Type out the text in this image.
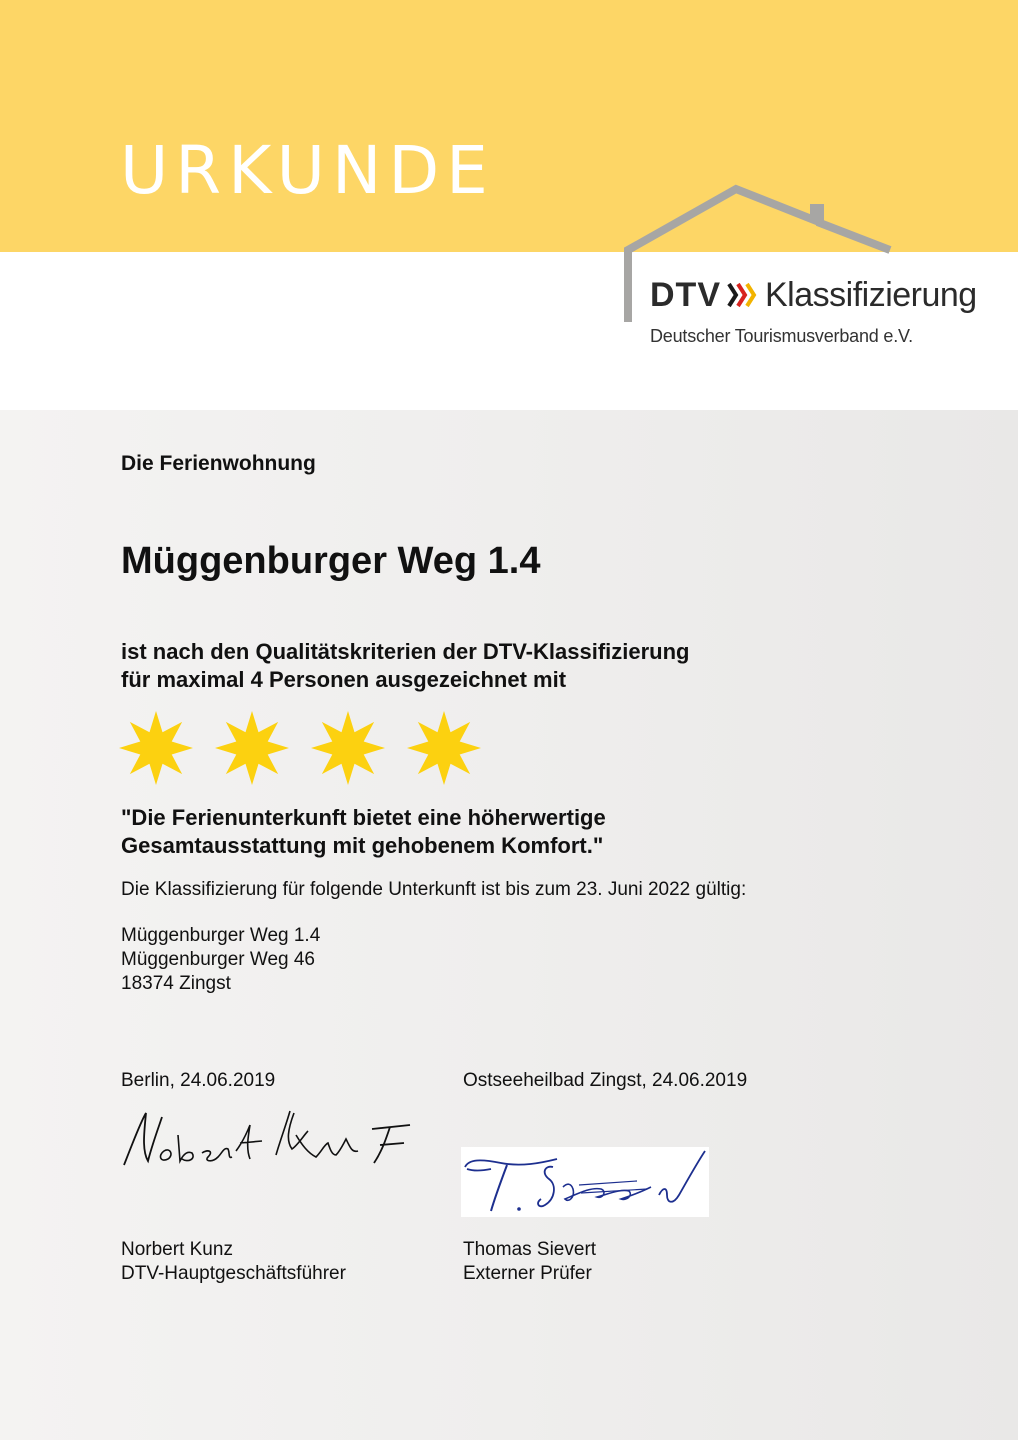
URKUNDE
DTV Klassifizierung
Deutscher Tourismusverband e.V.
Die Ferienwohnung
Müggenburger Weg 1.4
ist nach den Qualitätskriterien der DTV-Klassifizierung
für maximal 4 Personen ausgezeichnet mit
"Die Ferienunterkunft bietet eine höherwertige
Gesamtausstattung mit gehobenem Komfort."
Die Klassifizierung für folgende Unterkunft ist bis zum 23. Juni 2022 gültig:
Müggenburger Weg 1.4
Müggenburger Weg 46
18374 Zingst
Berlin, 24.06.2019
Norbert Kunz
DTV-Hauptgeschäftsführer
Ostseeheilbad Zingst, 24.06.2019
Thomas Sievert
Externer Prüfer
